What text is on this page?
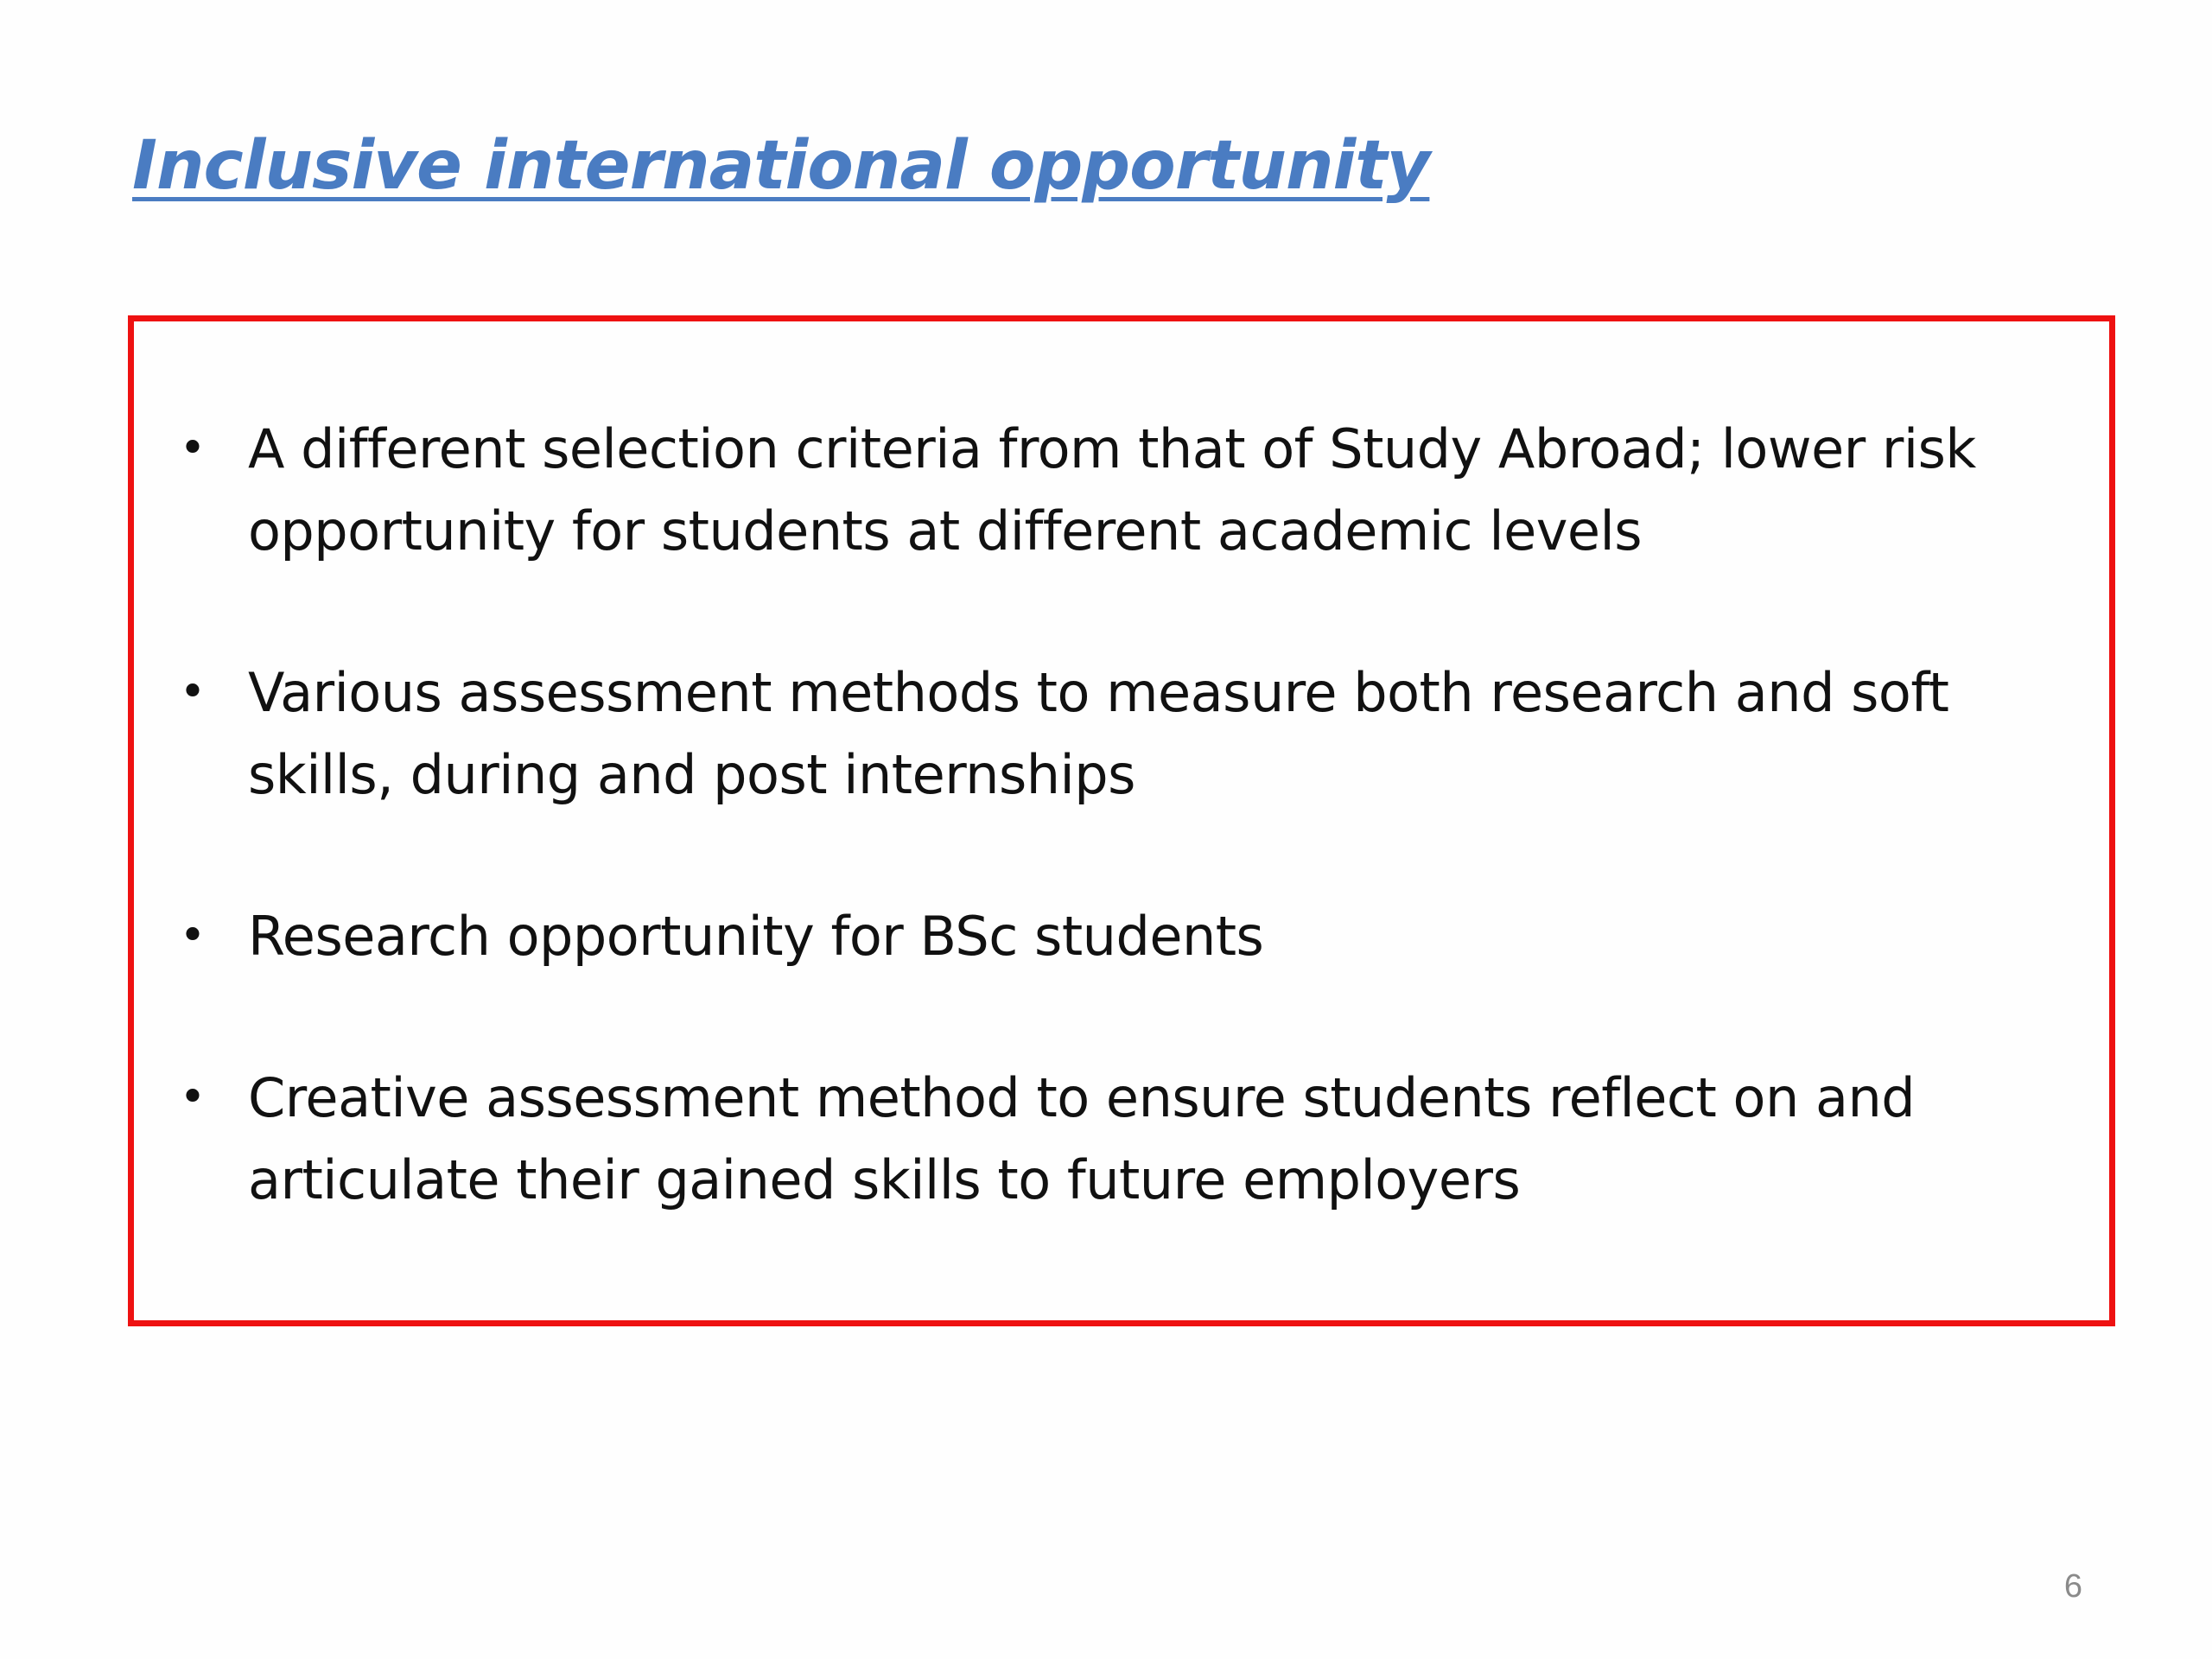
Inclusive international opportunity
• A different selection criteria from that of Study Abroad; lower risk opportunity for students at different academic levels
• Various assessment methods to measure both research and soft skills, during and post internships
• Research opportunity for BSc students
• Creative assessment method to ensure students reflect on and articulate their gained skills to future employers
6
